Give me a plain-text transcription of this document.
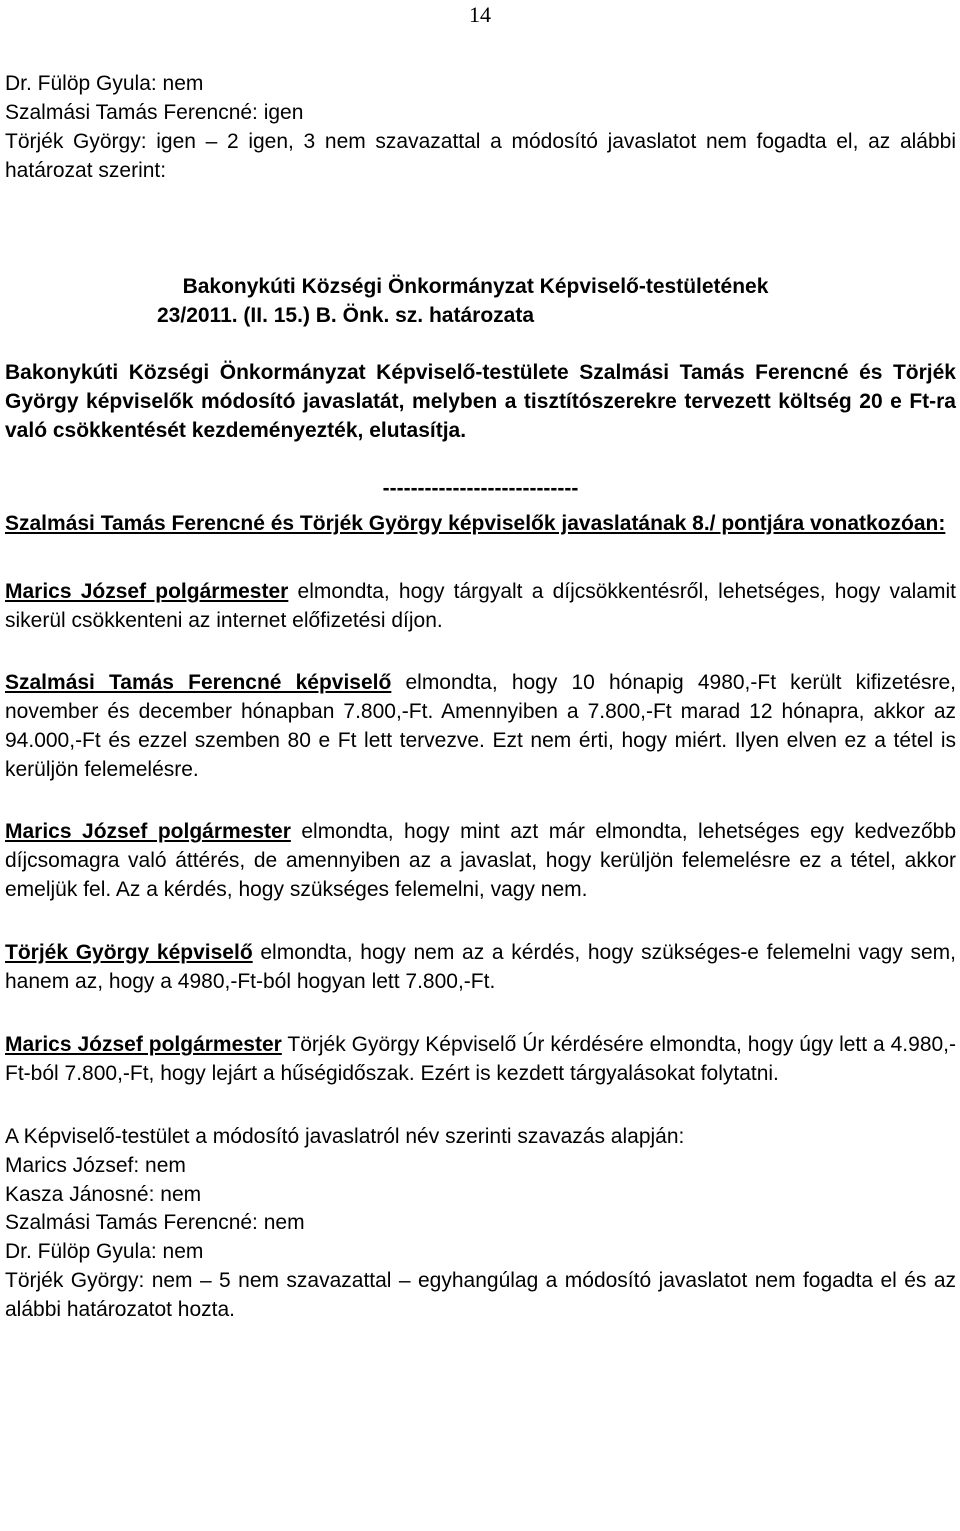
14

Dr. Fülöp Gyula: nem

Szalmási Tamás Ferencné: igen

Törjék György: igen – 2 igen, 3 nem szavazattal a módosító javaslatot nem fogadta el, az alábbi határozat szerint:

Bakonykúti Községi Önkormányzat Képviselő-testületének

23/2011. (II. 15.) B. Önk. sz. határozata

Bakonykúti Községi Önkormányzat Képviselő-testülete Szalmási Tamás Ferencné és Törjék György képviselők módosító javaslatát, melyben a tisztítószerekre tervezett költség 20 e Ft-ra való csökkentését kezdeményezték, elutasítja.

----------------------------

Szalmási Tamás Ferencné és Törjék György képviselők javaslatának 8./ pontjára vonatkozóan:

Marics József polgármester elmondta, hogy tárgyalt a díjcsökkentésről, lehetséges, hogy valamit sikerül csökkenteni az internet előfizetési díjon.

Szalmási Tamás Ferencné képviselő elmondta, hogy 10 hónapig 4980,-Ft került kifizetésre, november és december hónapban 7.800,-Ft. Amennyiben a 7.800,-Ft marad 12 hónapra, akkor az 94.000,-Ft és ezzel szemben 80 e Ft lett tervezve. Ezt nem érti, hogy miért. Ilyen elven ez a tétel is kerüljön felemelésre.

Marics József polgármester elmondta, hogy mint azt már elmondta, lehetséges egy kedvezőbb díjcsomagra való áttérés, de amennyiben az a javaslat, hogy kerüljön felemelésre ez a tétel, akkor emeljük fel. Az a kérdés, hogy szükséges felemelni, vagy nem.

Törjék György képviselő elmondta, hogy nem az a kérdés, hogy szükséges-e felemelni vagy sem, hanem az, hogy a 4980,-Ft-ból hogyan lett 7.800,-Ft.

Marics József polgármester Törjék György Képviselő Úr kérdésére elmondta, hogy úgy lett a 4.980,-Ft-ból 7.800,-Ft, hogy lejárt a hűségidőszak. Ezért is kezdett tárgyalásokat folytatni.

A Képviselő-testület a módosító javaslatról név szerinti szavazás alapján:

Marics József: nem

Kasza Jánosné: nem

Szalmási Tamás Ferencné: nem

Dr. Fülöp Gyula: nem

Törjék György: nem – 5 nem szavazattal – egyhangúlag a módosító javaslatot nem fogadta el és az alábbi határozatot hozta.
